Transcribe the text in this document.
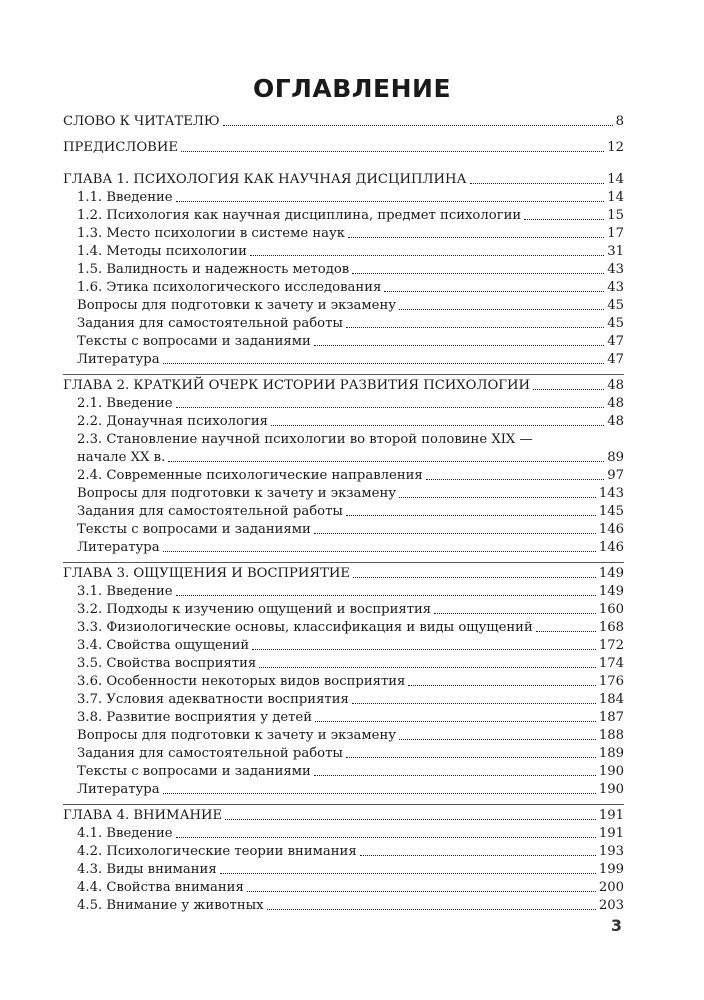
ОГЛАВЛЕНИЕ
СЛОВО К ЧИТАТЕЛЮ	8
ПРЕДИСЛОВИЕ	12
ГЛАВА 1. ПСИХОЛОГИЯ КАК НАУЧНАЯ ДИСЦИПЛИНА	14
1.1. Введение	14
1.2. Психология как научная дисциплина, предмет психологии	15
1.3. Место психологии в системе наук	17
1.4. Методы психологии	31
1.5. Валидность и надежность методов	43
1.6. Этика психологического исследования	43
Вопросы для подготовки к зачету и экзамену	45
Задания для самостоятельной работы	45
Тексты с вопросами и заданиями	47
Литература	47
ГЛАВА 2. КРАТКИЙ ОЧЕРК ИСТОРИИ РАЗВИТИЯ ПСИХОЛОГИИ	48
2.1. Введение	48
2.2. Донаучная психология	48
2.3. Становление научной психологии во второй половине XIX —
начале XX в.	89
2.4. Современные психологические направления	97
Вопросы для подготовки к зачету и экзамену	143
Задания для самостоятельной работы	145
Тексты с вопросами и заданиями	146
Литература	146
ГЛАВА 3. ОЩУЩЕНИЯ И ВОСПРИЯТИЕ	149
3.1. Введение	149
3.2. Подходы к изучению ощущений и восприятия	160
3.3. Физиологические основы, классификация и виды ощущений	168
3.4. Свойства ощущений	172
3.5. Свойства восприятия	174
3.6. Особенности некоторых видов восприятия	176
3.7. Условия адекватности восприятия	184
3.8. Развитие восприятия у детей	187
Вопросы для подготовки к зачету и экзамену	188
Задания для самостоятельной работы	189
Тексты с вопросами и заданиями	190
Литература	190
ГЛАВА 4. ВНИМАНИЕ	191
4.1. Введение	191
4.2. Психологические теории внимания	193
4.3. Виды внимания	199
4.4. Свойства внимания	200
4.5. Внимание у животных	203
3
